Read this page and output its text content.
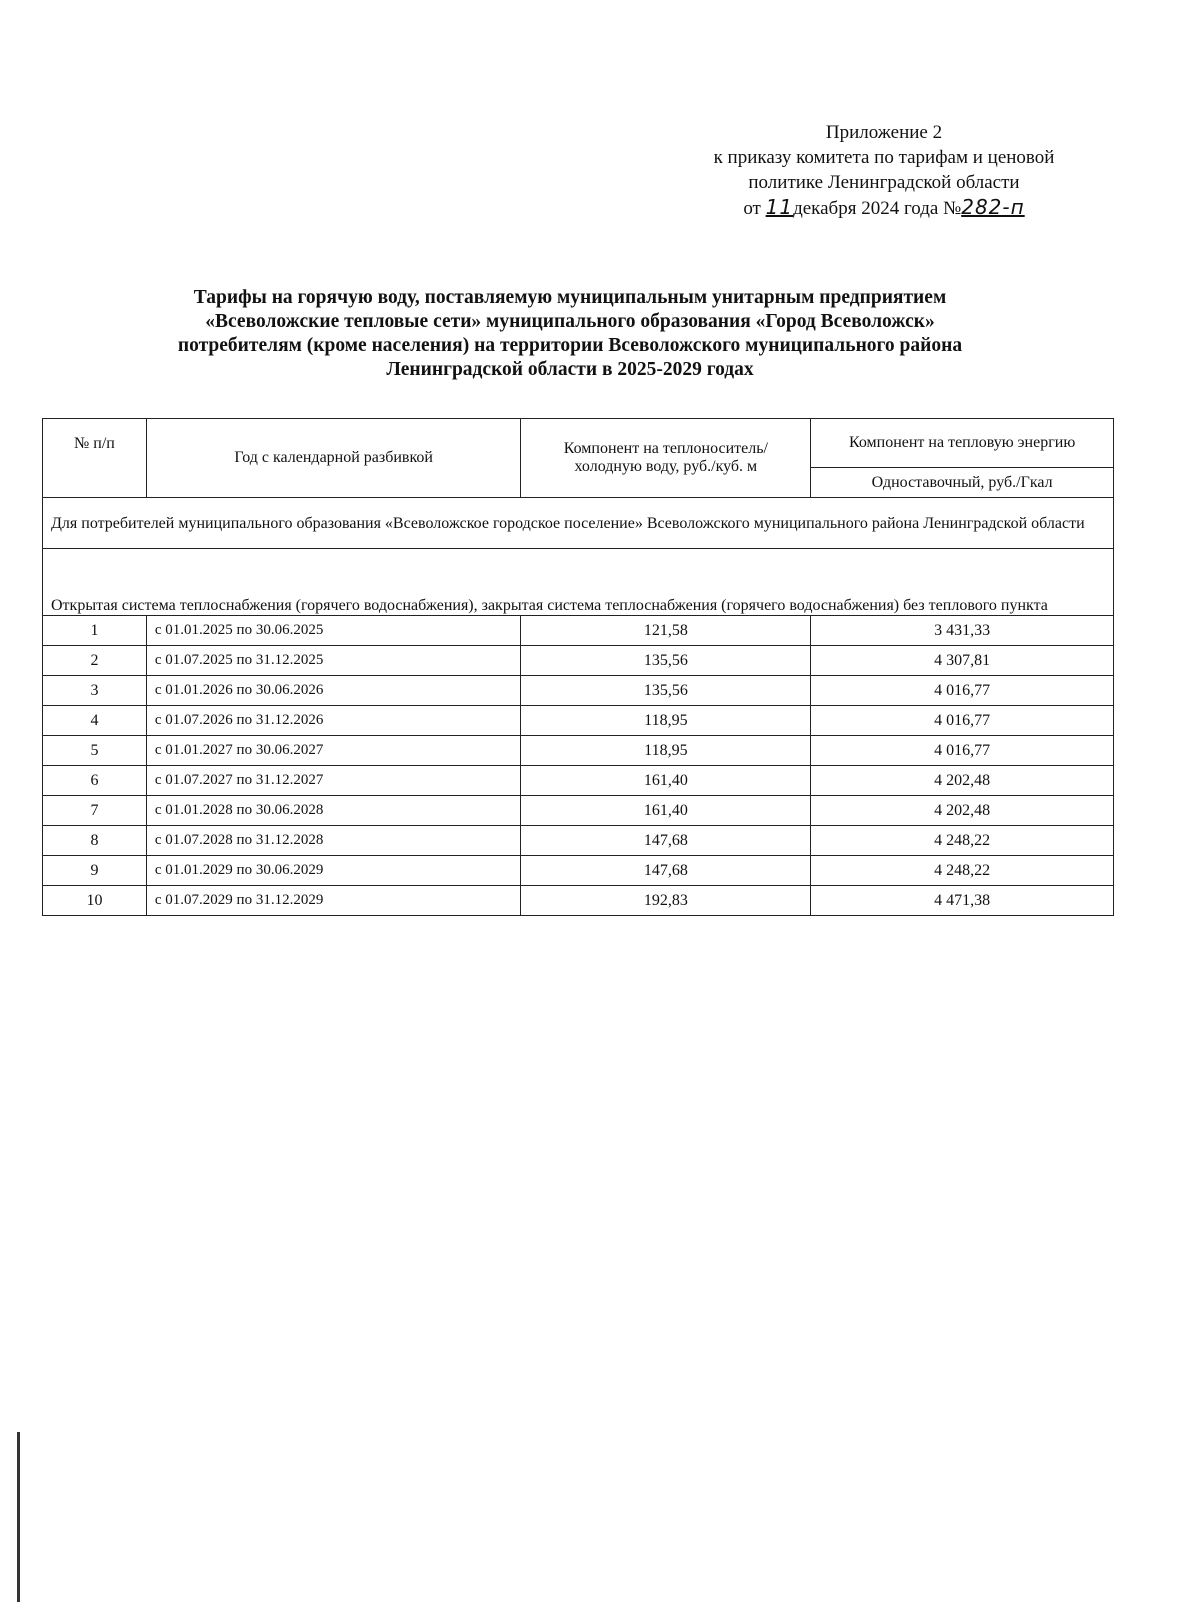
Приложение 2
к приказу комитета по тарифам и ценовой
политике Ленинградской области
от 11декабря 2024 года №282-п
Тарифы на горячую воду, поставляемую муниципальным унитарным предприятием
«Всеволожские тепловые сети» муниципального образования «Город Всеволожск»
потребителям (кроме населения) на территории Всеволожского муниципального района
Ленинградской области в 2025-2029 годах
№ п/п	Год с календарной разбивкой	Компонент на теплоноситель/ холодную воду, руб./куб. м	Компонент на тепловую энергию
			Одноставочный, руб./Гкал
Для потребителей муниципального образования «Всеволожское городское поселение» Всеволожского муниципального района Ленинградской области			
Открытая система теплоснабжения (горячего водоснабжения), закрытая система теплоснабжения (горячего водоснабжения) без теплового пункта			
1	с 01.01.2025 по 30.06.2025	121,58	3 431,33
2	с 01.07.2025 по 31.12.2025	135,56	4 307,81
3	с 01.01.2026 по 30.06.2026	135,56	4 016,77
4	с 01.07.2026 по 31.12.2026	118,95	4 016,77
5	с 01.01.2027 по 30.06.2027	118,95	4 016,77
6	с 01.07.2027 по 31.12.2027	161,40	4 202,48
7	с 01.01.2028 по 30.06.2028	161,40	4 202,48
8	с 01.07.2028 по 31.12.2028	147,68	4 248,22
9	с 01.01.2029 по 30.06.2029	147,68	4 248,22
10	с 01.07.2029 по 31.12.2029	192,83	4 471,38
